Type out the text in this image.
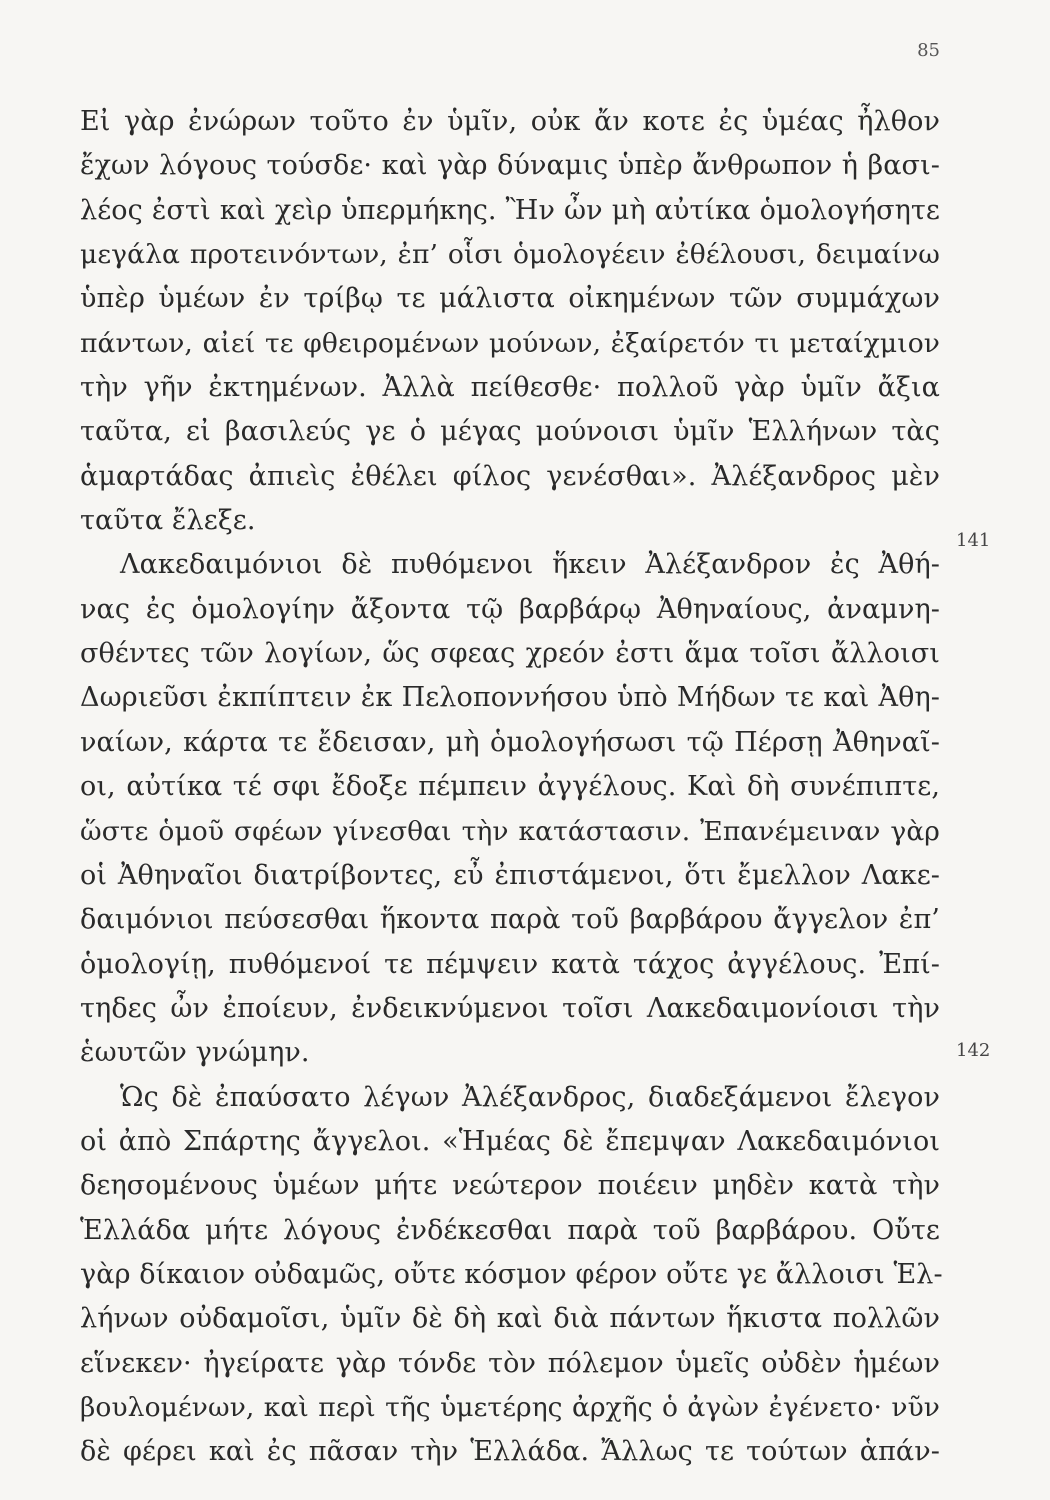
85
Εἰ γὰρ ἐνώρων τοῦτο ἐν ὑμῖν, οὐκ ἄν κοτε ἐς ὑμέας ἦλθον
ἔχων λόγους τούσδε· καὶ γὰρ δύναμις ὑπὲρ ἄνθρωπον ἡ βασι-
λέος ἐστὶ καὶ χεὶρ ὑπερμήκης. Ἢν ὦν μὴ αὐτίκα ὁμολογήσητε
μεγάλα προτεινόντων, ἐπ’ οἷσι ὁμολογέειν ἐθέλουσι, δειμαίνω
ὑπὲρ ὑμέων ἐν τρίβῳ τε μάλιστα οἰκημένων τῶν συμμάχων
πάντων, αἰεί τε φθειρομένων μούνων, ἐξαίρετόν τι μεταίχμιον
τὴν γῆν ἐκτημένων. Ἀλλὰ πείθεσθε· πολλοῦ γὰρ ὑμῖν ἄξια
ταῦτα, εἰ βασιλεύς γε ὁ μέγας μούνοισι ὑμῖν Ἑλλήνων τὰς
ἁμαρτάδας ἀπιεὶς ἐθέλει φίλος γενέσθαι». Ἀλέξανδρος μὲν
ταῦτα ἔλεξε.
Λακεδαιμόνιοι δὲ πυθόμενοι ἥκειν Ἀλέξανδρον ἐς Ἀθή-
νας ἐς ὁμολογίην ἄξοντα τῷ βαρβάρῳ Ἀθηναίους, ἀναμνη-
σθέντες τῶν λογίων, ὥς σφεας χρεόν ἐστι ἅμα τοῖσι ἄλλοισι
Δωριεῦσι ἐκπίπτειν ἐκ Πελοποννήσου ὑπὸ Μήδων τε καὶ Ἀθη-
ναίων, κάρτα τε ἔδεισαν, μὴ ὁμολογήσωσι τῷ Πέρσῃ Ἀθηναῖ-
οι, αὐτίκα τέ σφι ἔδοξε πέμπειν ἀγγέλους. Καὶ δὴ συνέπιπτε,
ὥστε ὁμοῦ σφέων γίνεσθαι τὴν κατάστασιν. Ἐπανέμειναν γὰρ
οἱ Ἀθηναῖοι διατρίβοντες, εὖ ἐπιστάμενοι, ὅτι ἔμελλον Λακε-
δαιμόνιοι πεύσεσθαι ἥκοντα παρὰ τοῦ βαρβάρου ἄγγελον ἐπ’
ὁμολογίῃ, πυθόμενοί τε πέμψειν κατὰ τάχος ἀγγέλους. Ἐπί-
τηδες ὦν ἐποίευν, ἐνδεικνύμενοι τοῖσι Λακεδαιμονίοισι τὴν
ἑωυτῶν γνώμην.
Ὡς δὲ ἐπαύσατο λέγων Ἀλέξανδρος, διαδεξάμενοι ἔλεγον
οἱ ἀπὸ Σπάρτης ἄγγελοι. «Ἡμέας δὲ ἔπεμψαν Λακεδαιμόνιοι
δεησομένους ὑμέων μήτε νεώτερον ποιέειν μηδὲν κατὰ τὴν
Ἑλλάδα μήτε λόγους ἐνδέκεσθαι παρὰ τοῦ βαρβάρου. Οὔτε
γὰρ δίκαιον οὐδαμῶς, οὔτε κόσμον φέρον οὔτε γε ἄλλοισι Ἑλ-
λήνων οὐδαμοῖσι, ὑμῖν δὲ δὴ καὶ διὰ πάντων ἥκιστα πολλῶν
εἵνεκεν· ἠγείρατε γὰρ τόνδε τὸν πόλεμον ὑμεῖς οὐδὲν ἡμέων
βουλομένων, καὶ περὶ τῆς ὑμετέρης ἀρχῆς ὁ ἀγὼν ἐγένετο· νῦν
δὲ φέρει καὶ ἐς πᾶσαν τὴν Ἑλλάδα. Ἄλλως τε τούτων ἁπάν-
141
142
